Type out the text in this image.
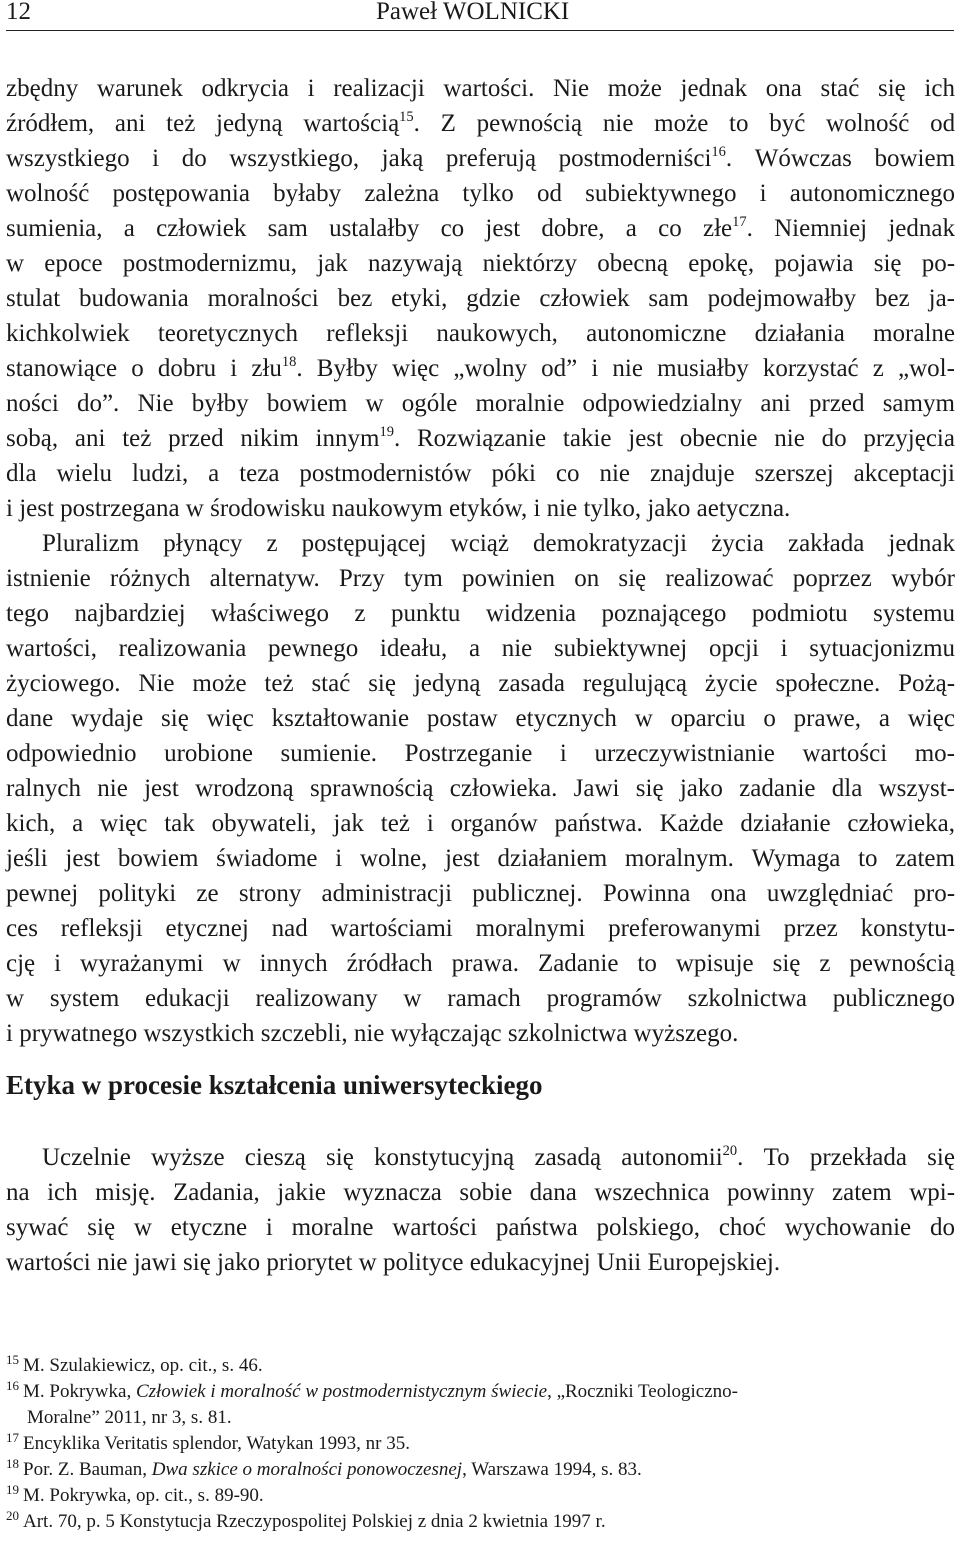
12	Paweł WOLNICKI
zbędny warunek odkrycia i realizacji wartości. Nie może jednak ona stać się ich
źródłem, ani też jedyną wartością$^{15}$. Z pewnością nie może to być wolność od
wszystkiego i do wszystkiego, jaką preferują postmoderniści$^{16}$. Wówczas bowiem
wolność postępowania byłaby zależna tylko od subiektywnego i autonomicznego
sumienia, a człowiek sam ustalałby co jest dobre, a co złe$^{17}$. Niemniej jednak
w epoce postmodernizmu, jak nazywają niektórzy obecną epokę, pojawia się po-
stulat budowania moralności bez etyki, gdzie człowiek sam podejmowałby bez ja-
kichkolwiek teoretycznych refleksji naukowych, autonomiczne działania moralne
stanowiące o dobru i złu$^{18}$. Byłby więc „wolny od” i nie musiałby korzystać z „wol-
ności do”. Nie byłby bowiem w ogóle moralnie odpowiedzialny ani przed samym
sobą, ani też przed nikim innym$^{19}$. Rozwiązanie takie jest obecnie nie do przyjęcia
dla wielu ludzi, a teza postmodernistów póki co nie znajduje szerszej akceptacji
i jest postrzegana w środowisku naukowym etyków, i nie tylko, jako aetyczna.
Pluralizm płynący z postępującej wciąż demokratyzacji życia zakłada jednak
istnienie różnych alternatyw. Przy tym powinien on się realizować poprzez wybór
tego najbardziej właściwego z punktu widzenia poznającego podmiotu systemu
wartości, realizowania pewnego ideału, a nie subiektywnej opcji i sytuacjonizmu
życiowego. Nie może też stać się jedyną zasada regulującą życie społeczne. Pożą-
dane wydaje się więc kształtowanie postaw etycznych w oparciu o prawe, a więc
odpowiednio urobione sumienie. Postrzeganie i urzeczywistnianie wartości mo-
ralnych nie jest wrodzoną sprawnością człowieka. Jawi się jako zadanie dla wszyst-
kich, a więc tak obywateli, jak też i organów państwa. Każde działanie człowieka,
jeśli jest bowiem świadome i wolne, jest działaniem moralnym. Wymaga to zatem
pewnej polityki ze strony administracji publicznej. Powinna ona uwzględniać pro-
ces refleksji etycznej nad wartościami moralnymi preferowanymi przez konstytu-
cję i wyrażanymi w innych źródłach prawa. Zadanie to wpisuje się z pewnością
w system edukacji realizowany w ramach programów szkolnictwa publicznego
i prywatnego wszystkich szczebli, nie wyłączając szkolnictwa wyższego.
Etyka w procesie kształcenia uniwersyteckiego
Uczelnie wyższe cieszą się konstytucyjną zasadą autonomii$^{20}$. To przekłada się
na ich misję. Zadania, jakie wyznacza sobie dana wszechnica powinny zatem wpi-
sywać się w etyczne i moralne wartości państwa polskiego, choć wychowanie do
wartości nie jawi się jako priorytet w polityce edukacyjnej Unii Europejskiej.
$^{15}$ M. Szulakiewicz, op. cit., s. 46.
$^{16}$ M. Pokrywka, Człowiek i moralność w postmodernistycznym świecie, „Roczniki Teologiczno-
Moralne” 2011, nr 3, s. 81.
$^{17}$ Encyklika Veritatis splendor, Watykan 1993, nr 35.
$^{18}$ Por. Z. Bauman, Dwa szkice o moralności ponowoczesnej, Warszawa 1994, s. 83.
$^{19}$ M. Pokrywka, op. cit., s. 89-90.
$^{20}$ Art. 70, p. 5 Konstytucja Rzeczypospolitej Polskiej z dnia 2 kwietnia 1997 r.
